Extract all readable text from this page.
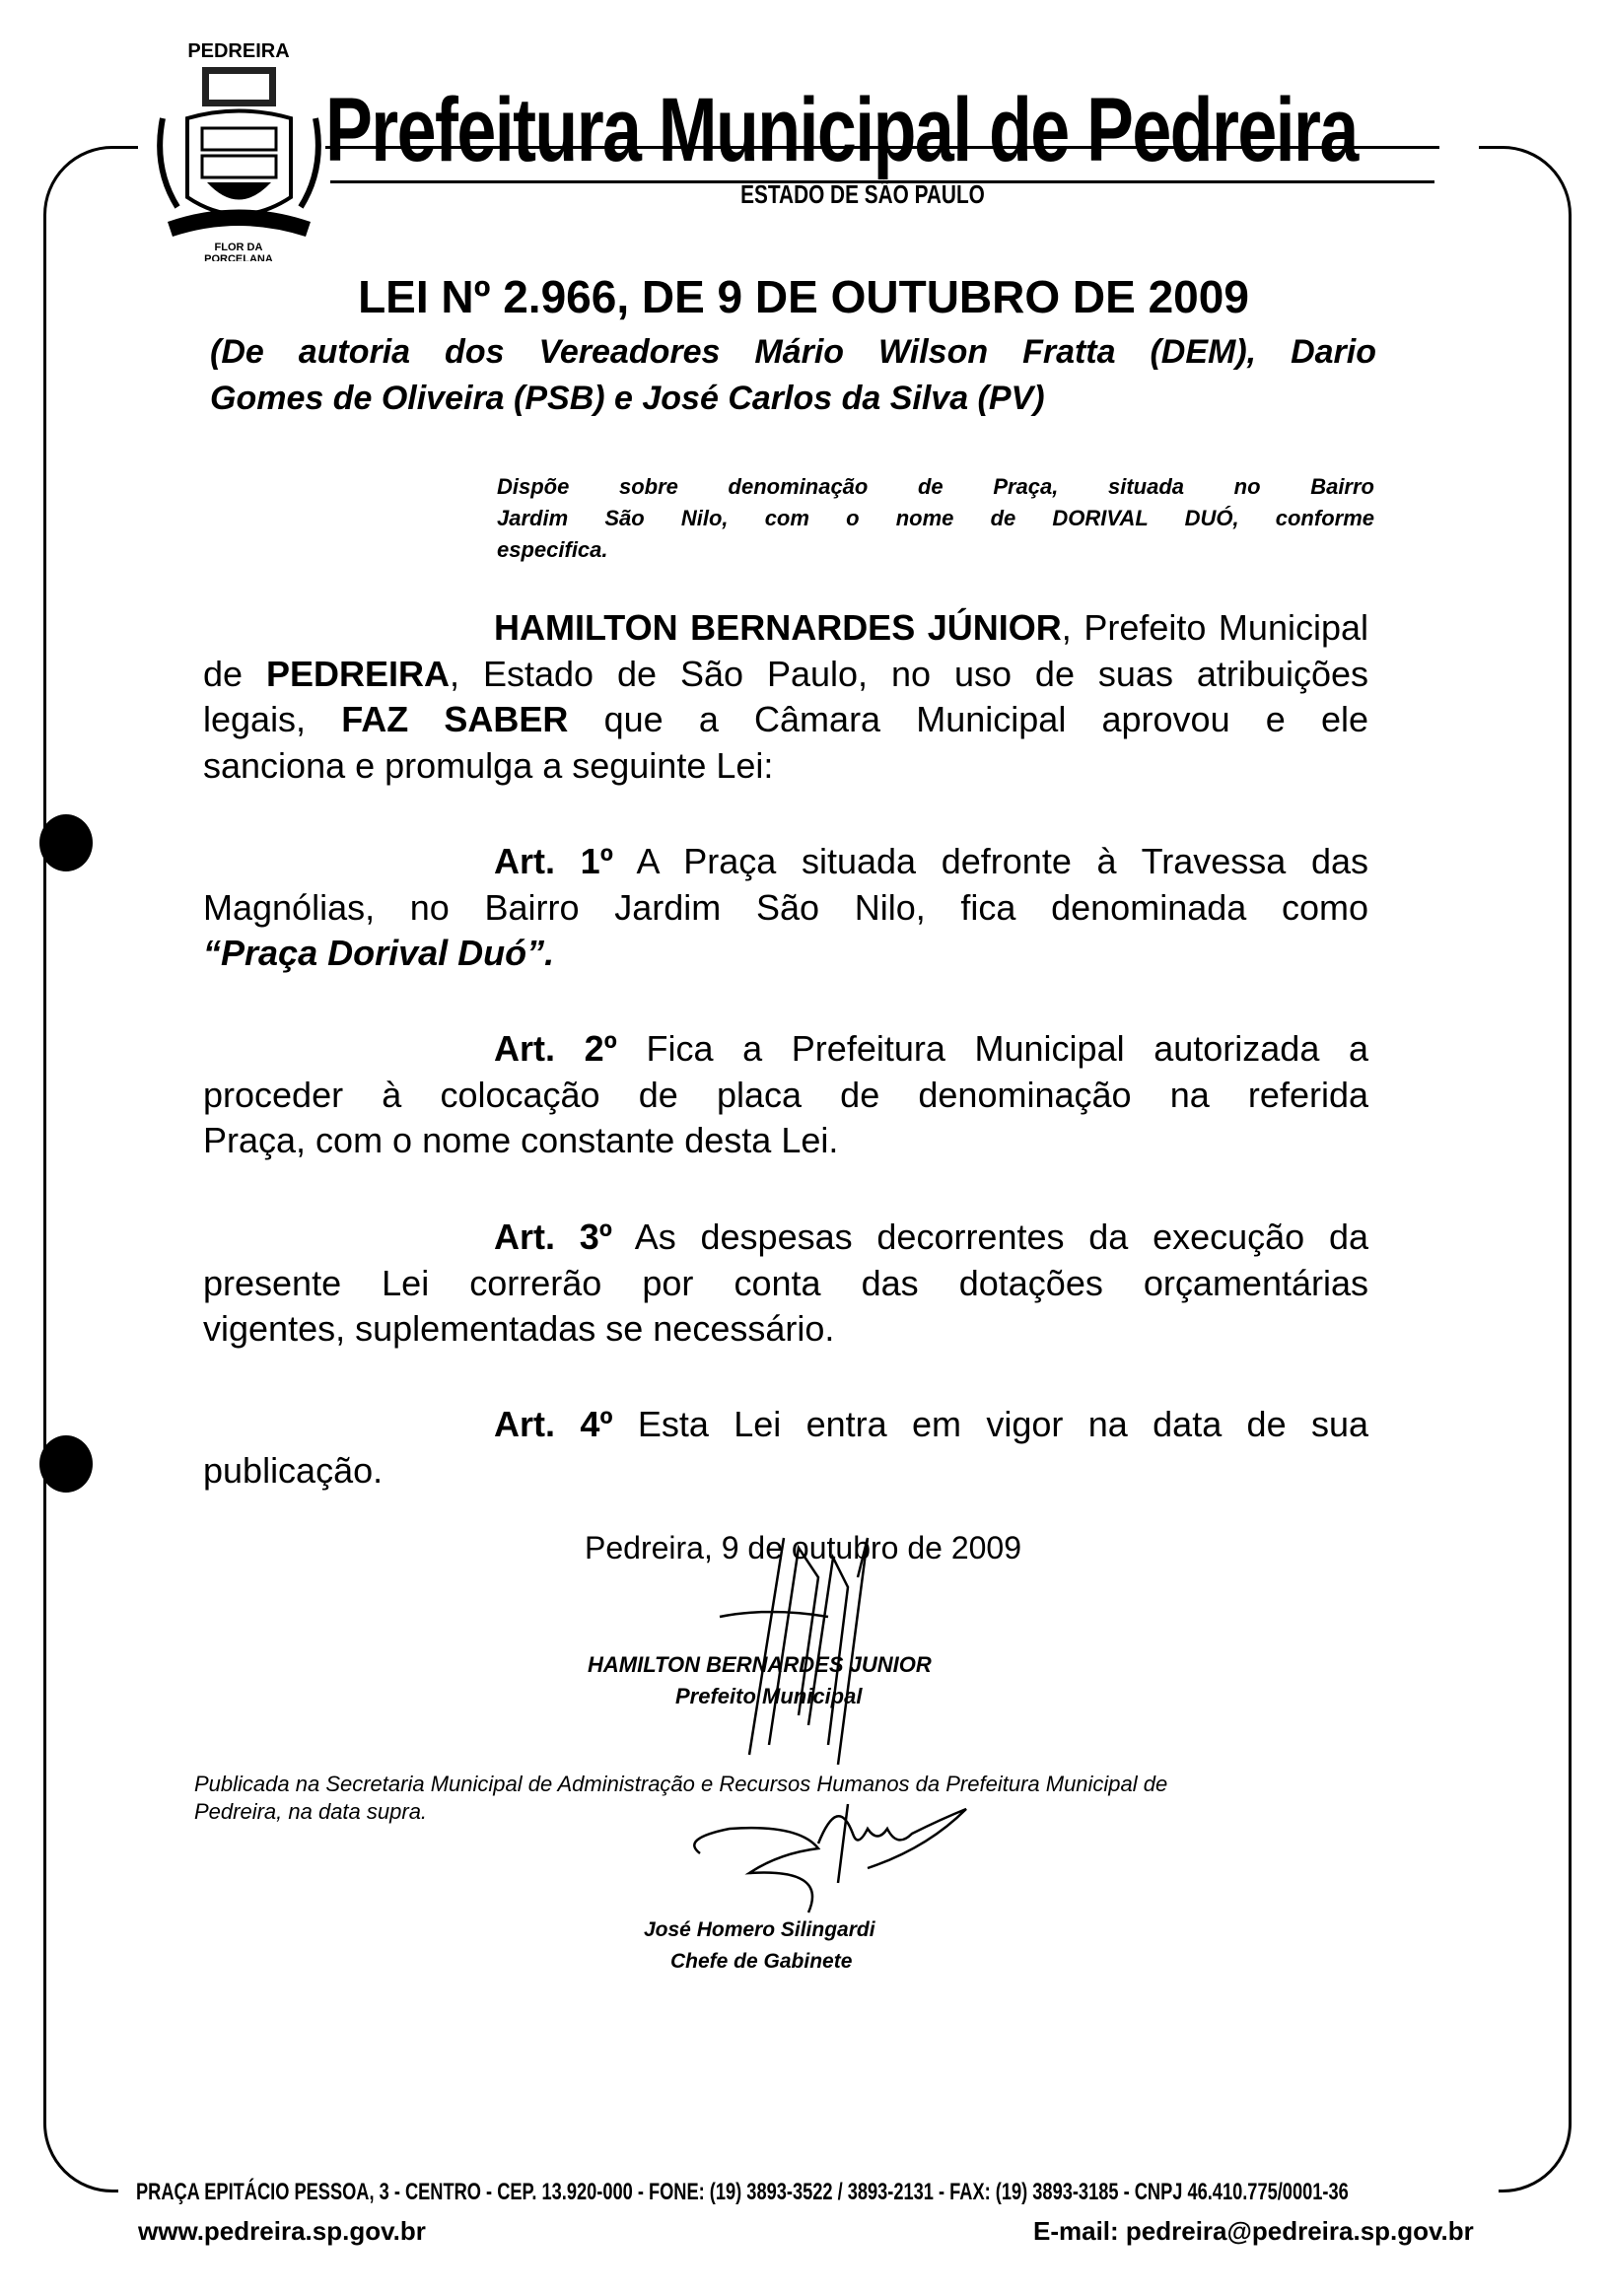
PEDREIRA
FLOR DA
PORCELANA
Prefeitura Municipal de Pedreira
ESTADO DE SÃO PAULO
LEI Nº 2.966, DE 9 DE OUTUBRO DE 2009
(De autoria dos Vereadores Mário Wilson Fratta (DEM), Dario
Gomes de Oliveira (PSB) e José Carlos da Silva (PV)
Dispõe sobre denominação de Praça, situada no Bairro
Jardim São Nilo, com o nome de DORIVAL DUÓ, conforme
especifica.
HAMILTON BERNARDES JÚNIOR, Prefeito Municipal
de PEDREIRA, Estado de São Paulo, no uso de suas atribuições
legais, FAZ SABER que a Câmara Municipal aprovou e ele
sanciona e promulga a seguinte Lei:
Art. 1º A Praça situada defronte à Travessa das
Magnólias, no Bairro Jardim São Nilo, fica denominada como
“Praça Dorival Duó”.
Art. 2º Fica a Prefeitura Municipal autorizada a
proceder à colocação de placa de denominação na referida
Praça, com o nome constante desta Lei.
Art. 3º As despesas decorrentes da execução da
presente Lei correrão por conta das dotações orçamentárias
vigentes, suplementadas se necessário.
Art. 4º Esta Lei entra em vigor na data de sua
publicação.
Pedreira, 9 de outubro de 2009
HAMILTON BERNARDES JUNIOR
Prefeito Municipal
Publicada na Secretaria Municipal de Administração e Recursos Humanos da Prefeitura Municipal de
Pedreira, na data supra.
José Homero Silingardi
Chefe de Gabinete
PRAÇA EPITÁCIO PESSOA, 3 - CENTRO - CEP. 13.920-000 - FONE: (19) 3893-3522 / 3893-2131 - FAX: (19) 3893-3185 - CNPJ 46.410.775/0001-36
www.pedreira.sp.gov.br	E-mail: pedreira@pedreira.sp.gov.br
